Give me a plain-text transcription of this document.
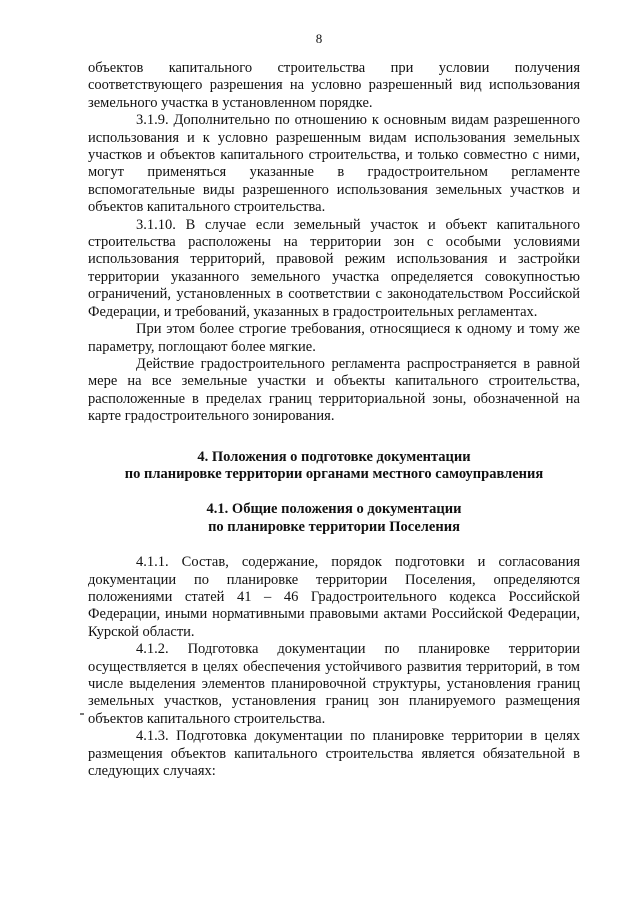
8

объектов капитального строительства при условии получения соответствующего разрешения на условно разрешенный вид использования земельного участка в установленном порядке.

3.1.9. Дополнительно по отношению к основным видам разрешенного использования и к условно разрешенным видам использования земельных участков и объектов капитального строительства, и только совместно с ними, могут применяться указанные в градостроительном регламенте вспомогательные виды разрешенного использования земельных участков и объектов капитального строительства.

3.1.10. В случае если земельный участок и объект капитального строительства расположены на территории зон с особыми условиями использования территорий, правовой режим использования и застройки территории указанного земельного участка определяется совокупностью ограничений, установленных в соответствии с законодательством Российской Федерации, и требований, указанных в градостроительных регламентах.

При этом более строгие требования, относящиеся к одному и тому же параметру, поглощают более мягкие.

Действие градостроительного регламента распространяется в равной мере на все земельные участки и объекты капитального строительства, расположенные в пределах границ территориальной зоны, обозначенной на карте градостроительного зонирования.

4. Положения о подготовке документации
по планировке территории органами местного самоуправления
4.1. Общие положения о документации
по планировке территории Поселения

4.1.1. Состав, содержание, порядок подготовки и согласования документации по планировке территории Поселения, определяются положениями статей 41 – 46 Градостроительного кодекса Российской Федерации, иными нормативными правовыми актами Российской Федерации, Курской области.

4.1.2. Подготовка документации по планировке территории осуществляется в целях обеспечения устойчивого развития территорий, в том числе выделения элементов планировочной структуры, установления границ земельных участков, установления границ зон планируемого размещения объектов капитального строительства.

4.1.3. Подготовка документации по планировке территории в целях размещения объектов капитального строительства является обязательной в следующих случаях:
